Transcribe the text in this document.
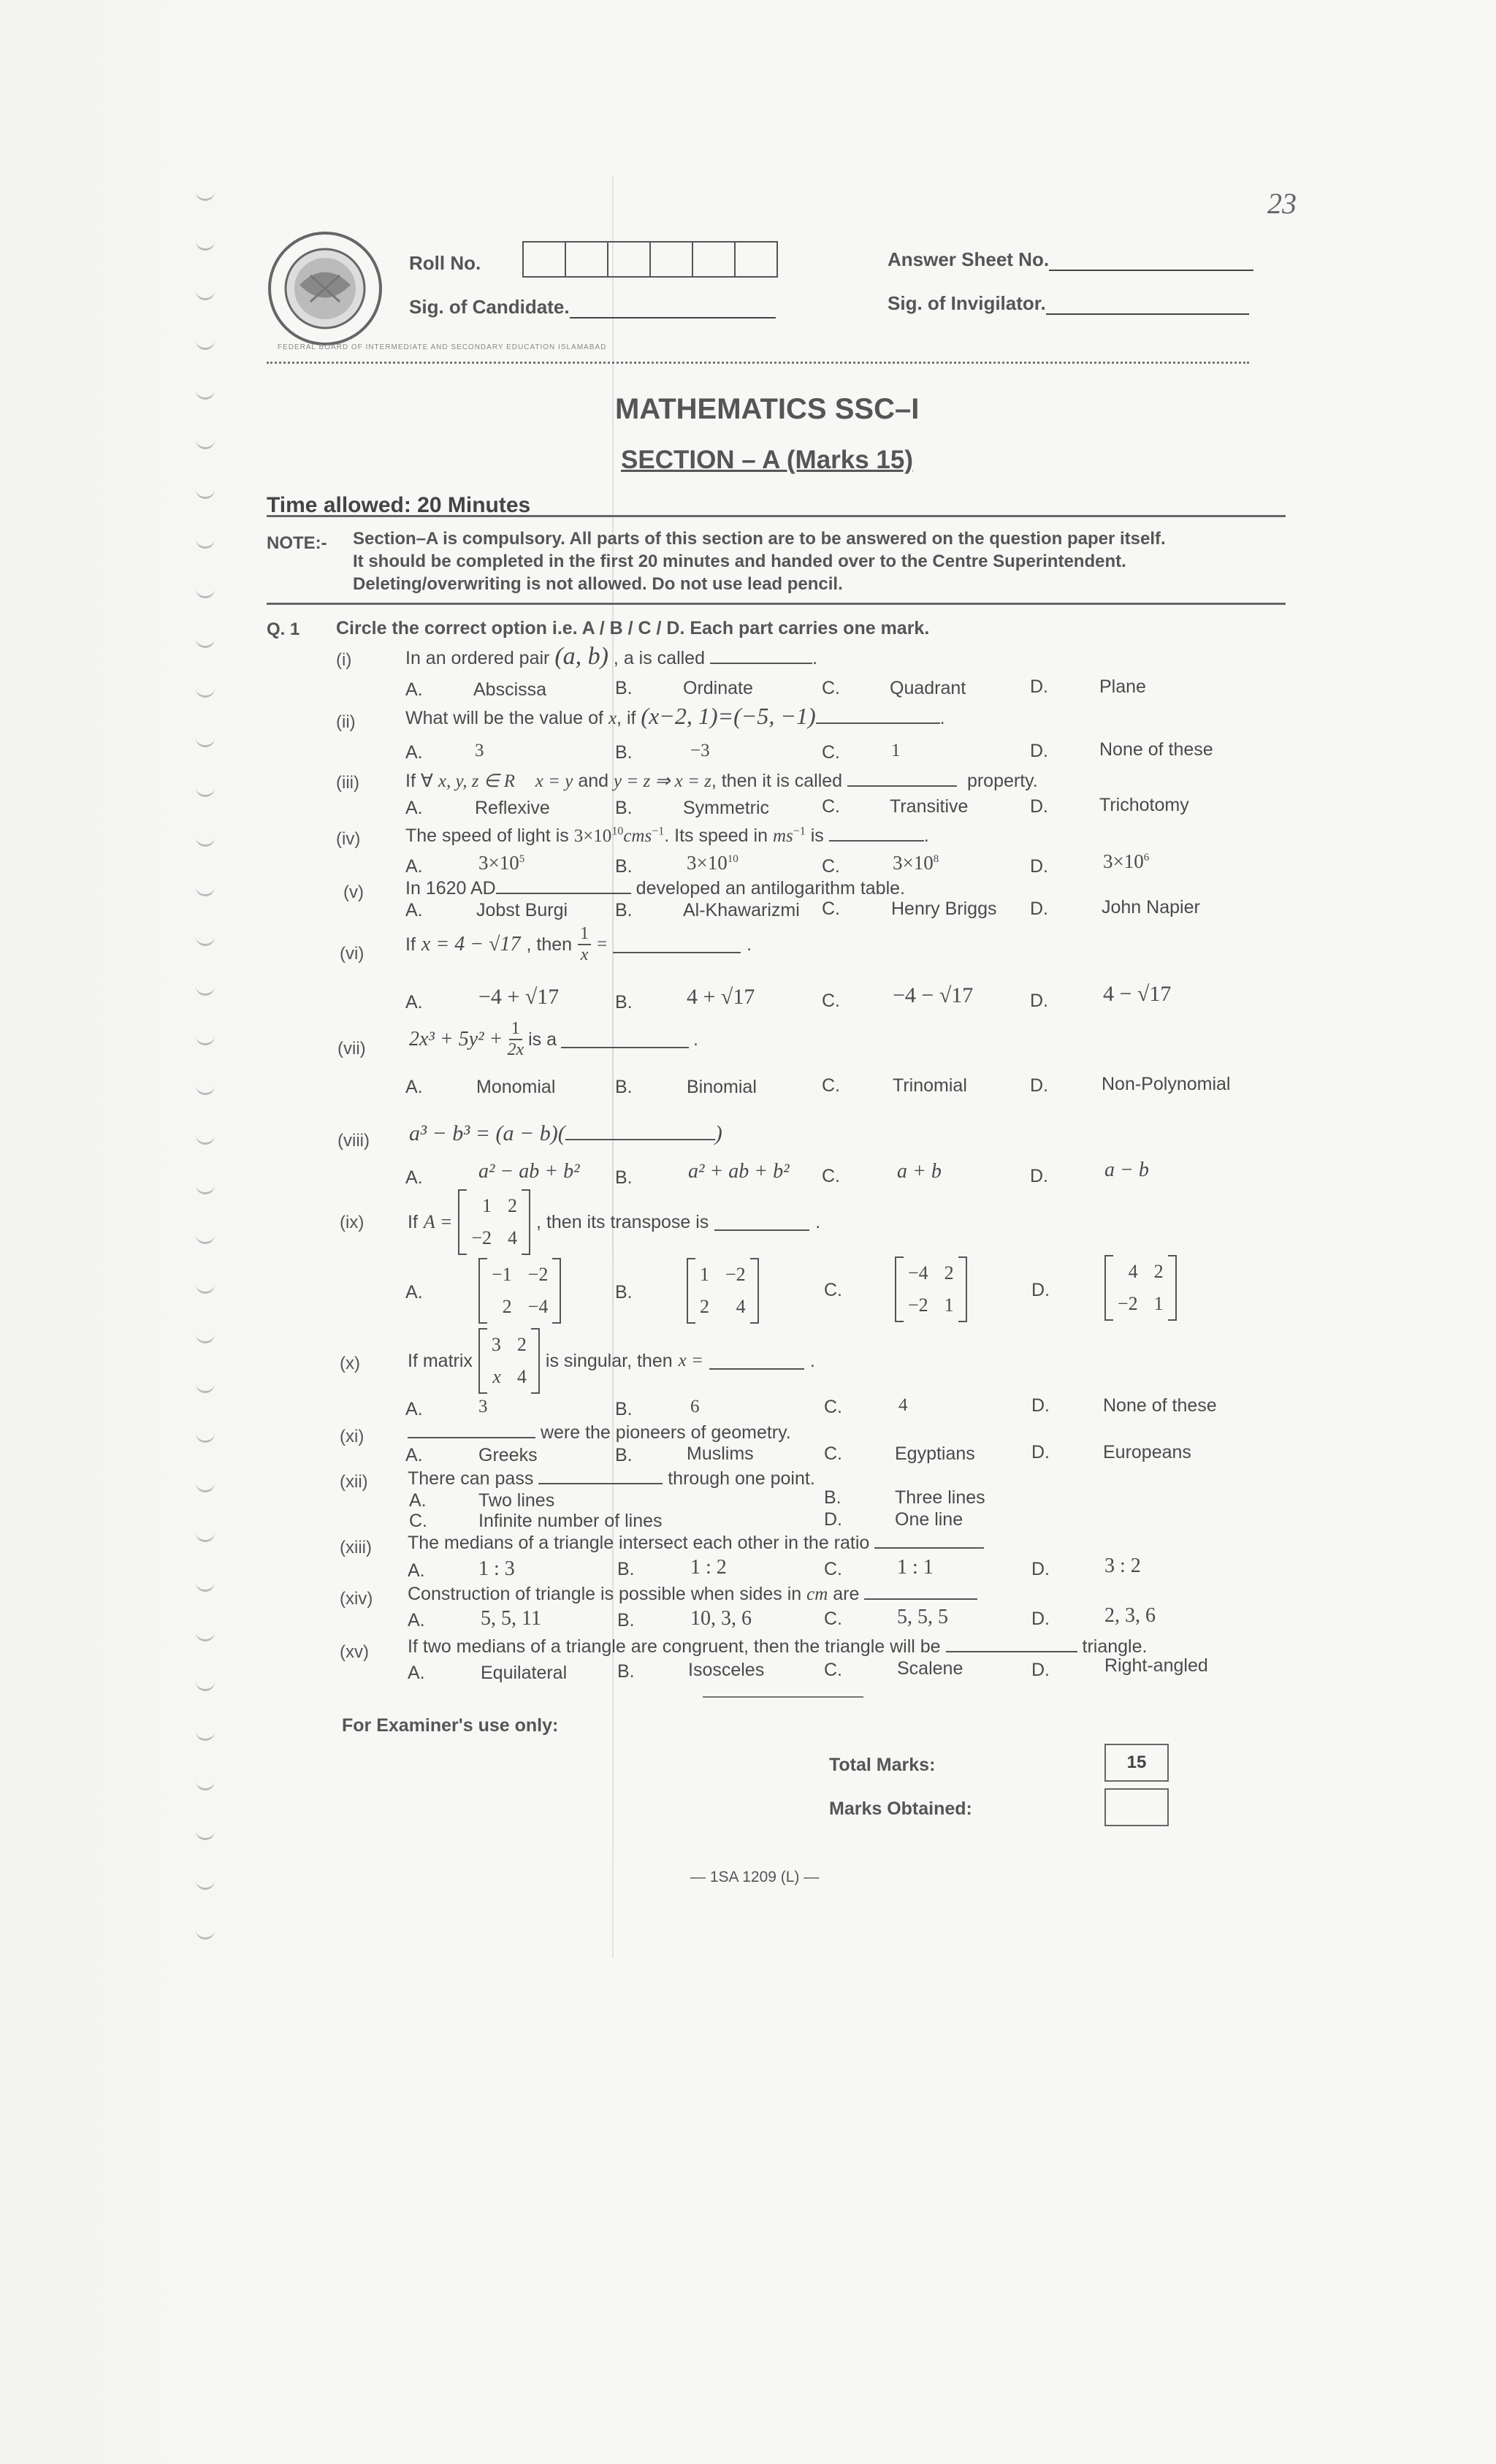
23
Roll No.
Sig. of Candidate.
Answer Sheet No.
Sig. of Invigilator.
MATHEMATICS SSC–I
SECTION – A (Marks 15)
Time allowed: 20 Minutes
NOTE:- Section–A is compulsory. All parts of this section are to be answered on the question paper itself.
It should be completed in the first 20 minutes and handed over to the Centre Superintendent.
Deleting/overwriting is not allowed. Do not use lead pencil.
Q. 1 Circle the correct option i.e. A / B / C / D. Each part carries one mark.
(i)	In an ordered pair (a, b) , a is called	.
A.	Abscissa	B.	Ordinate	C.	Quadrant	D.	Plane
(ii)	What will be the value of x, if (x−2, 1)=(−5, −1)	.
A.	3	B.	−3	C.	1	D.	None of these
(iii)	If ∀ x, y, z ∈ R x = y and y = z ⇒ x = z, then it is called	property.
A.	Reflexive	B.	Symmetric	C.	Transitive	D.	Trichotomy
(iv) The speed of light is $3\times 10^{10}cms^{-1}$. Its speed in $ms^{-1}$ is	.
A.	$3\times 10^5$	B.	$3\times 10^{10}$	C.	$3\times 10^8$	D.	$3\times 10^6$
(v) In 1620 AD	developed an antilogarithm table.
A.	Jobst Burgi	B.	Al-Khawarizmi C.	Henry Briggs D.	John Napier
(vi) If x = 4 − √17 , then $\frac{1}{x}$ =	.
A.	−4 + √17	B. 4 + √17	C. −4 − √17	D.	4 − √17
(vii) $2x^3 + 5y^2 + \frac{1}{2x}$ is a	.
A.	Monomial	B.	Binomial	C.	Trinomial	D.	Non-Polynomial
(viii) a³ − b³ = (a − b)(	)
A.	a² − ab + b² B.	a² + ab + b² C.	a + b	D.	a − b
(ix) If A =
1 2
−2 4
, then its transpose is	.
A.
−1 −2
2 −4
B.
1 −2
2	4
C.
−4 2
−2 1
D.
4 2
−2 1
(x)	If matrix
3 2
x 4
is singular, then x =	.
A.	3	B.	6	C.	4	D.	None of these
(xi)	were the pioneers of geometry.
A.	Greeks	B.	Muslims	C.	Egyptians	D.	Europeans
(xii) There can pass	through one point.
A.	Two lines	B.	Three lines
C.	Infinite number of lines	D.	One line
(xiii) The medians of a triangle intersect each other in the ratio
A.	1 : 3	B.	1 : 2	C.	1 : 1	D.	3 : 2
(xiv) Construction of triangle is possible when sides in cm are
A.	5, 5, 11	B.	10, 3, 6	C.	5, 5, 5	D.	2, 3, 6
(xv) If two medians of a triangle are congruent, then the triangle will be	triangle.
A.	Equilateral	B.	Isosceles	C.	Scalene	D.	Right-angled
For Examiner's use only:
Total Marks:	15
Marks Obtained:
— 1SA 1209 (L) —
FEDERAL BOARD OF INTERMEDIATE AND SECONDARY EDUCATION ISLAMABAD
